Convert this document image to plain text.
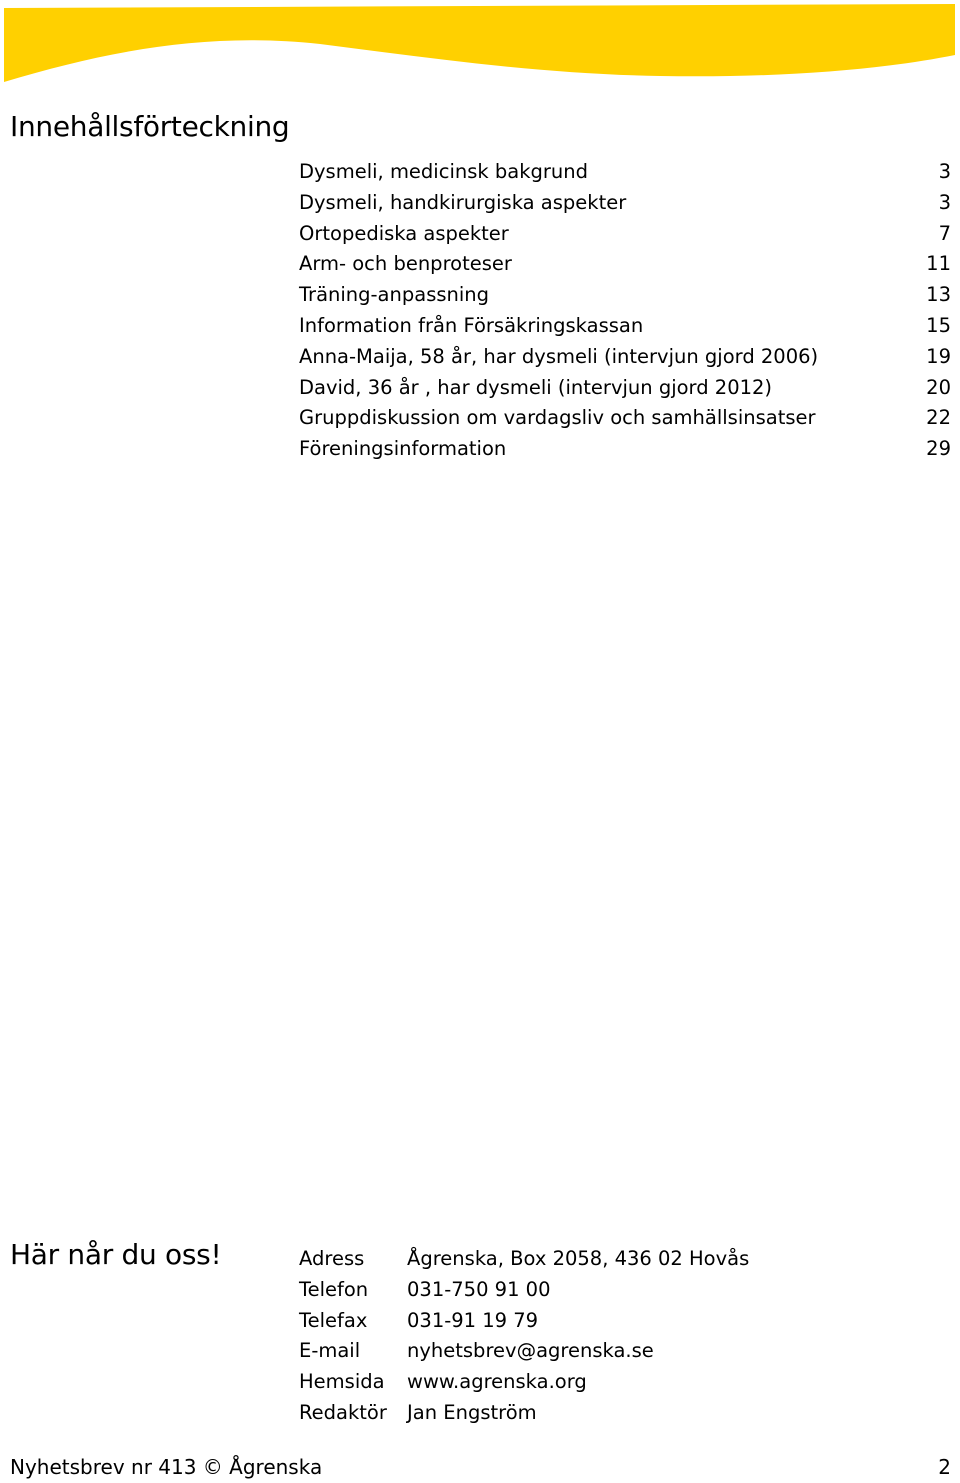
Innehållsförteckning
Dysmeli, medicinsk bakgrund	3
Dysmeli, handkirurgiska aspekter	3
Ortopediska aspekter	7
Arm- och benproteser	11
Träning-anpassning	13
Information från Försäkringskassan	15
Anna-Maija, 58 år, har dysmeli (intervjun gjord 2006)	19
David, 36 år , har dysmeli (intervjun gjord 2012)	20
Gruppdiskussion om vardagsliv och samhällsinsatser	22
Föreningsinformation	29
Här når du oss!	Adress	Ågrenska, Box 2058, 436 02 Hovås
Telefon	031-750 91 00
Telefax	031-91 19 79
E-mail	nyhetsbrev@agrenska.se
Hemsida	www.agrenska.org
Redaktör	Jan Engström
Nyhetsbrev nr 413 © Ågrenska	2
